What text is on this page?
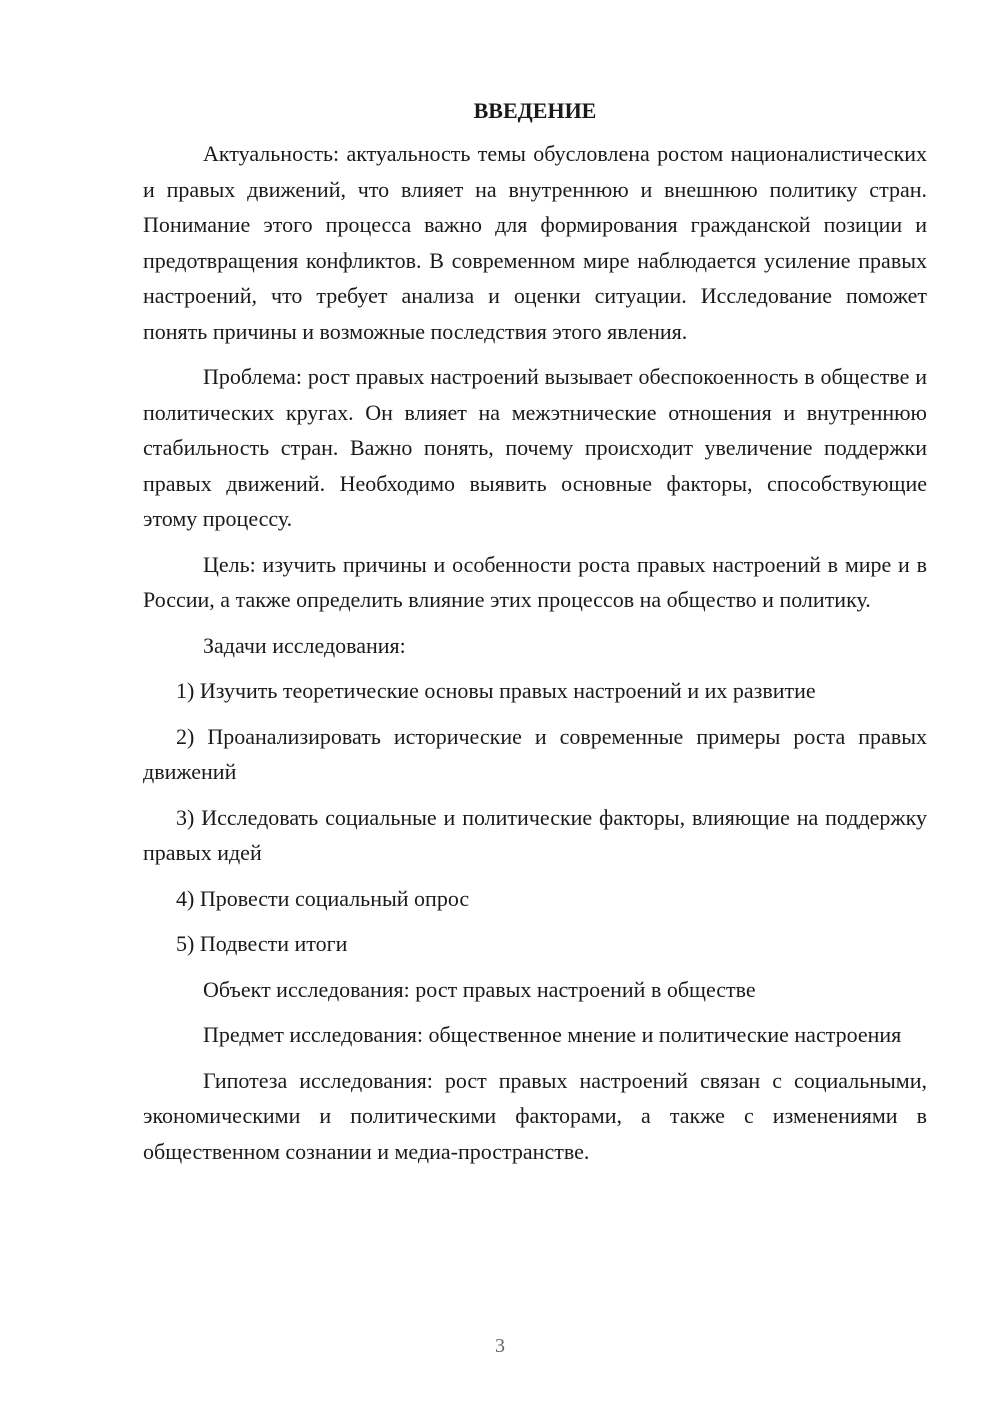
ВВЕДЕНИЕ

Актуальность: актуальность темы обусловлена ростом националистических и правых движений, что влияет на внутреннюю и внешнюю политику стран. Понимание этого процесса важно для формирования гражданской позиции и предотвращения конфликтов. В современном мире наблюдается усиление правых настроений, что требует анализа и оценки ситуации. Исследование поможет понять причины и возможные последствия этого явления.

Проблема: рост правых настроений вызывает обеспокоенность в обществе и политических кругах. Он влияет на межэтнические отношения и внутреннюю стабильность стран. Важно понять, почему происходит увеличение поддержки правых движений. Необходимо выявить основные факторы, способствующие этому процессу.

Цель: изучить причины и особенности роста правых настроений в мире и в России, а также определить влияние этих процессов на общество и политику.

Задачи исследования:

1) Изучить теоретические основы правых настроений и их развитие

2) Проанализировать исторические и современные примеры роста правых движений

3) Исследовать социальные и политические факторы, влияющие на поддержку правых идей

4) Провести социальный опрос

5) Подвести итоги

Объект исследования: рост правых настроений в обществе

Предмет исследования: общественное мнение и политические настроения

Гипотеза исследования: рост правых настроений связан с социальными, экономическими и политическими факторами, а также с изменениями в общественном сознании и медиа-пространстве.

3
